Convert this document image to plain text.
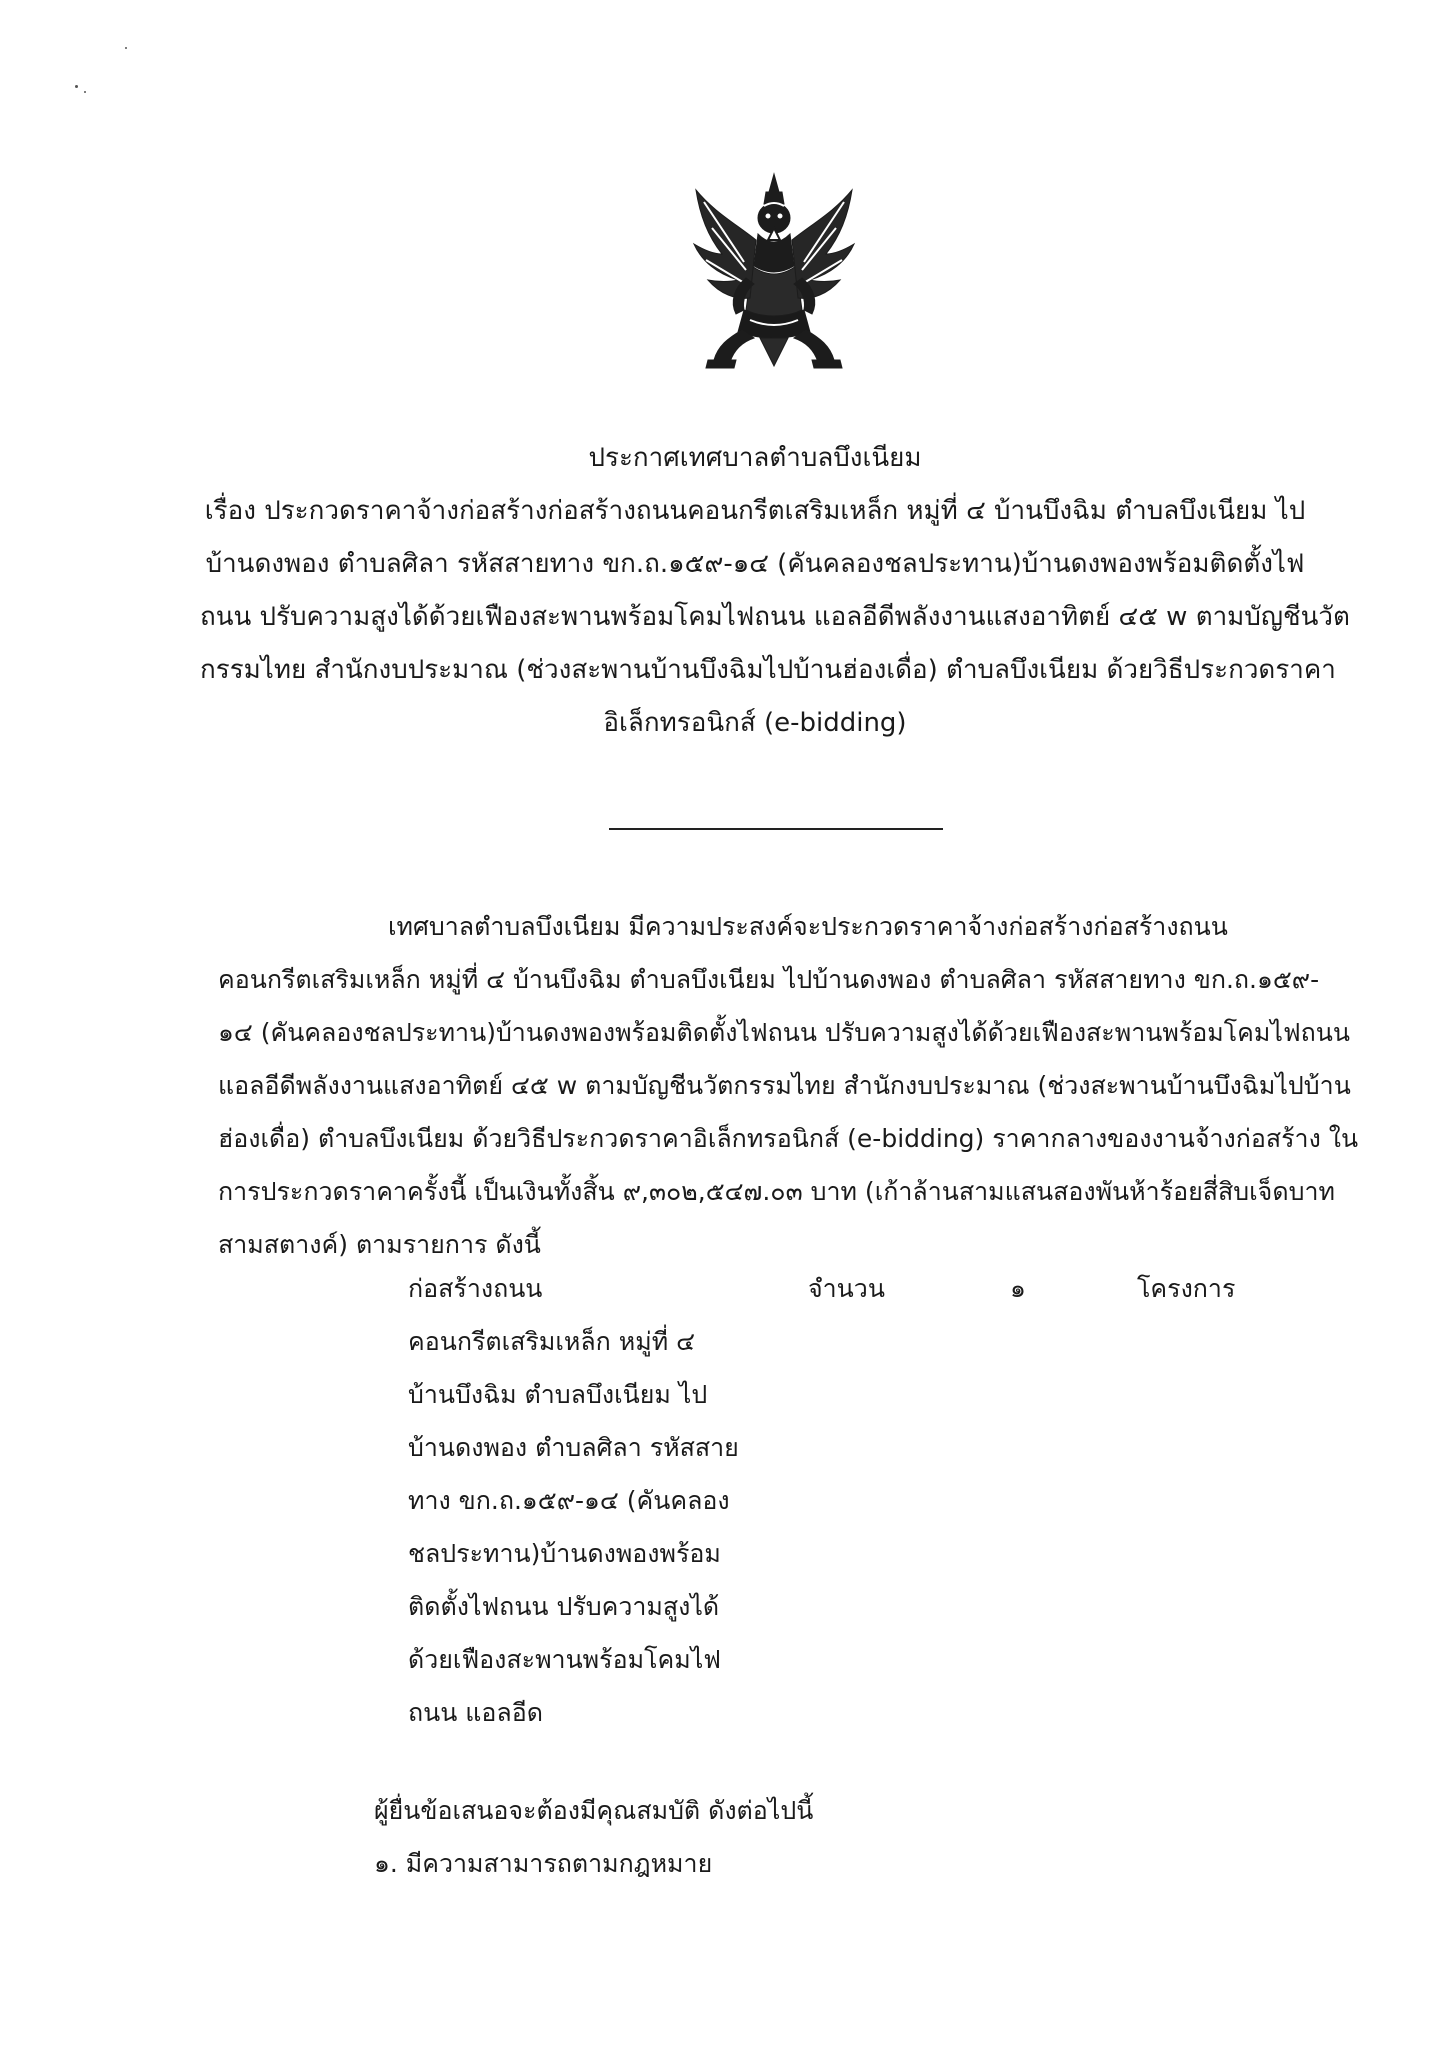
ประกาศเทศบาลตำบลบึงเนียม
เรื่อง ประกวดราคาจ้างก่อสร้างก่อสร้างถนนคอนกรีตเสริมเหล็ก หมู่ที่ ๔ บ้านบึงฉิม ตำบลบึงเนียม ไป
บ้านดงพอง ตำบลศิลา รหัสสายทาง ขก.ถ.๑๕๙-๑๔ (คันคลองชลประทาน)บ้านดงพองพร้อมติดตั้งไฟ
ถนน ปรับความสูงได้ด้วยเฟืองสะพานพร้อมโคมไฟถนน แอลอีดีพลังงานแสงอาทิตย์ ๔๕ w ตามบัญชีนวัต
กรรมไทย สำนักงบประมาณ (ช่วงสะพานบ้านบึงฉิมไปบ้านฮ่องเดื่อ) ตำบลบึงเนียม ด้วยวิธีประกวดราคา
อิเล็กทรอนิกส์ (e-bidding)
เทศบาลตำบลบึงเนียม มีความประสงค์จะประกวดราคาจ้างก่อสร้างก่อสร้างถนน
คอนกรีตเสริมเหล็ก หมู่ที่ ๔ บ้านบึงฉิม ตำบลบึงเนียม ไปบ้านดงพอง ตำบลศิลา รหัสสายทาง ขก.ถ.๑๕๙-
๑๔ (คันคลองชลประทาน)บ้านดงพองพร้อมติดตั้งไฟถนน ปรับความสูงได้ด้วยเฟืองสะพานพร้อมโคมไฟถนน
แอลอีดีพลังงานแสงอาทิตย์ ๔๕ w ตามบัญชีนวัตกรรมไทย สำนักงบประมาณ (ช่วงสะพานบ้านบึงฉิมไปบ้าน
ฮ่องเดื่อ) ตำบลบึงเนียม ด้วยวิธีประกวดราคาอิเล็กทรอนิกส์ (e-bidding) ราคากลางของงานจ้างก่อสร้าง ใน
การประกวดราคาครั้งนี้ เป็นเงินทั้งสิ้น ๙,๓๐๒,๕๔๗.๐๓ บาท (เก้าล้านสามแสนสองพันห้าร้อยสี่สิบเจ็ดบาท
สามสตางค์) ตามรายการ ดังนี้
ก่อสร้างถนน
คอนกรีตเสริมเหล็ก หมู่ที่ ๔
บ้านบึงฉิม ตำบลบึงเนียม ไป
บ้านดงพอง ตำบลศิลา รหัสสาย
ทาง ขก.ถ.๑๕๙-๑๔ (คันคลอง
ชลประทาน)บ้านดงพองพร้อม
ติดตั้งไฟถนน ปรับความสูงได้
ด้วยเฟืองสะพานพร้อมโคมไฟ
ถนน แอลอีด
จำนวน	๑	โครงการ
ผู้ยื่นข้อเสนอจะต้องมีคุณสมบัติ ดังต่อไปนี้
๑. มีความสามารถตามกฎหมาย
